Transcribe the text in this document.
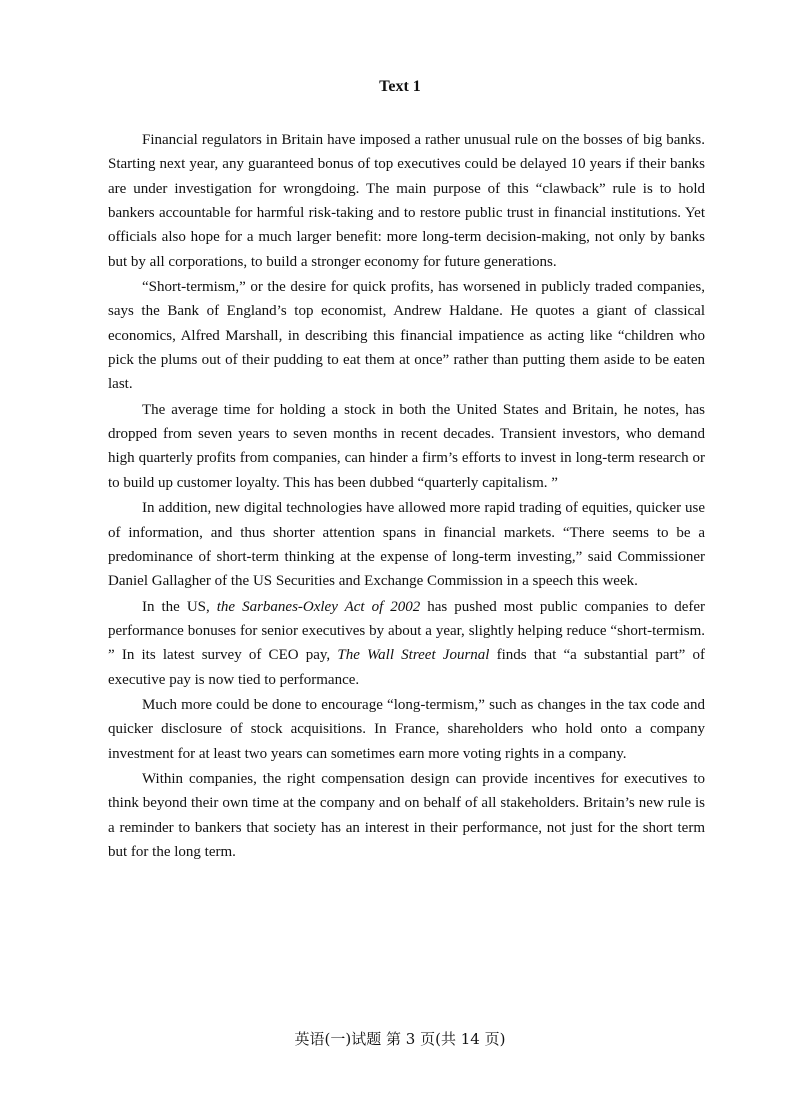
Text 1

Financial regulators in Britain have imposed a rather unusual rule on the bosses of big banks. Starting next year, any guaranteed bonus of top executives could be delayed 10 years if their banks are under investigation for wrongdoing. The main purpose of this “clawback” rule is to hold bankers accountable for harmful risk-taking and to restore public trust in financial institutions. Yet officials also hope for a much larger benefit: more long-term decision-making, not only by banks but by all corporations, to build a stronger economy for future generations.

“Short-termism,” or the desire for quick profits, has worsened in publicly traded companies, says the Bank of England’s top economist, Andrew Haldane. He quotes a giant of classical economics, Alfred Marshall, in describing this financial impatience as acting like “children who pick the plums out of their pudding to eat them at once” rather than putting them aside to be eaten last.

The average time for holding a stock in both the United States and Britain, he notes, has dropped from seven years to seven months in recent decades. Transient investors, who demand high quarterly profits from companies, can hinder a firm’s efforts to invest in long-term research or to build up customer loyalty. This has been dubbed “quarterly capitalism. ”

In addition, new digital technologies have allowed more rapid trading of equities, quicker use of information, and thus shorter attention spans in financial markets. “There seems to be a predominance of short-term thinking at the expense of long-term investing,” said Commissioner Daniel Gallagher of the US Securities and Exchange Commission in a speech this week.

In the US, the Sarbanes-Oxley Act of 2002 has pushed most public companies to defer performance bonuses for senior executives by about a year, slightly helping reduce “short-termism. ” In its latest survey of CEO pay, The Wall Street Journal finds that “a substantial part” of executive pay is now tied to performance.

Much more could be done to encourage “long-termism,” such as changes in the tax code and quicker disclosure of stock acquisitions. In France, shareholders who hold onto a company investment for at least two years can sometimes earn more voting rights in a company.

Within companies, the right compensation design can provide incentives for executives to think beyond their own time at the company and on behalf of all stakeholders. Britain’s new rule is a reminder to bankers that society has an interest in their performance, not just for the short term but for the long term.

英语(一)试题 第 3 页(共 14 页)
